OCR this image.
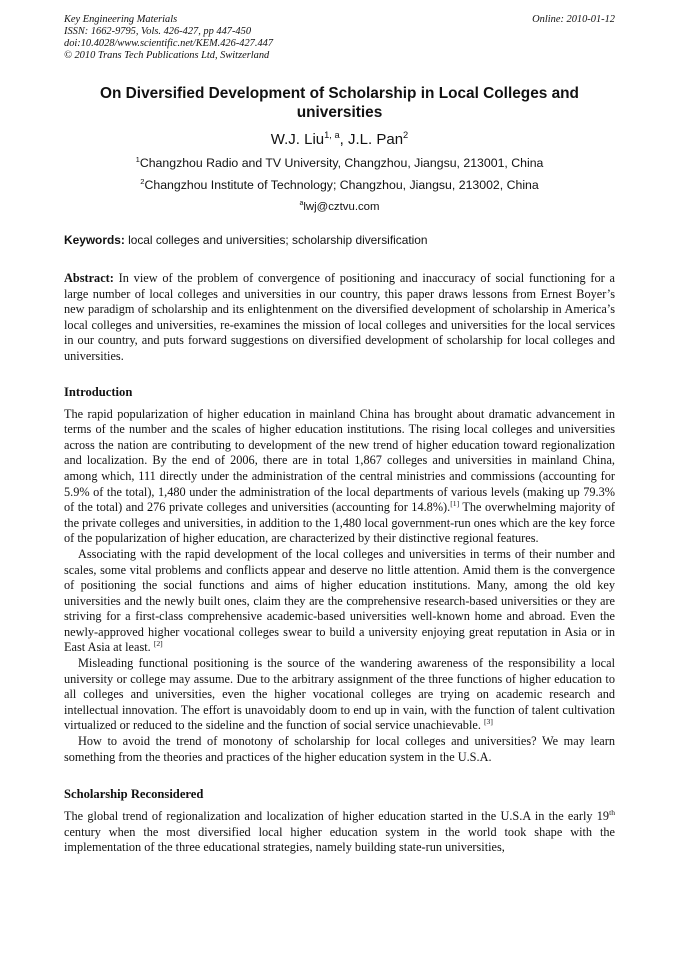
Key Engineering Materials
ISSN: 1662-9795, Vols. 426-427, pp 447-450
doi:10.4028/www.scientific.net/KEM.426-427.447
© 2010 Trans Tech Publications Ltd, Switzerland
Online: 2010-01-12
On Diversified Development of Scholarship in Local Colleges and universities
W.J. Liu$^{1, a}$, J.L. Pan$^2$
$^1$Changzhou Radio and TV University, Changzhou, Jiangsu, 213001, China
$^2$Changzhou Institute of Technology; Changzhou, Jiangsu, 213002, China
$^a$lwj@cztvu.com
Keywords: local colleges and universities; scholarship diversification
Abstract: In view of the problem of convergence of positioning and inaccuracy of social functioning for a large number of local colleges and universities in our country, this paper draws lessons from Ernest Boyer’s new paradigm of scholarship and its enlightenment on the diversified development of scholarship in America’s local colleges and universities, re-examines the mission of local colleges and universities for the local services in our country, and puts forward suggestions on diversified development of scholarship for local colleges and universities.
Introduction

The rapid popularization of higher education in mainland China has brought about dramatic advancement in terms of the number and the scales of higher education institutions. The rising local colleges and universities across the nation are contributing to development of the new trend of higher education toward regionalization and localization. By the end of 2006, there are in total 1,867 colleges and universities in mainland China, among which, 111 directly under the administration of the central ministries and commissions (accounting for 5.9% of the total), 1,480 under the administration of the local departments of various levels (making up 79.3% of the total) and 276 private colleges and universities (accounting for 14.8%).[1] The overwhelming majority of the private colleges and universities, in addition to the 1,480 local government-run ones which are the key force of the popularization of higher education, are characterized by their distinctive regional features.

Associating with the rapid development of the local colleges and universities in terms of their number and scales, some vital problems and conflicts appear and deserve no little attention. Amid them is the convergence of positioning the social functions and aims of higher education institutions. Many, among the old key universities and the newly built ones, claim they are the comprehensive research-based universities or they are striving for a first-class comprehensive academic-based universities well-known home and abroad. Even the newly-approved higher vocational colleges swear to build a university enjoying great reputation in Asia or in East Asia at least. [2]

Misleading functional positioning is the source of the wandering awareness of the responsibility a local university or college may assume. Due to the arbitrary assignment of the three functions of higher education to all colleges and universities, even the higher vocational colleges are trying on academic research and intellectual innovation. The effort is unavoidably doom to end up in vain, with the function of talent cultivation virtualized or reduced to the sideline and the function of social service unachievable. [3]

How to avoid the trend of monotony of scholarship for local colleges and universities? We may learn something from the theories and practices of the higher education system in the U.S.A.

Scholarship Reconsidered

The global trend of regionalization and localization of higher education started in the U.S.A in the early 19th century when the most diversified local higher education system in the world took shape with the implementation of the three educational strategies, namely building state-run universities,
